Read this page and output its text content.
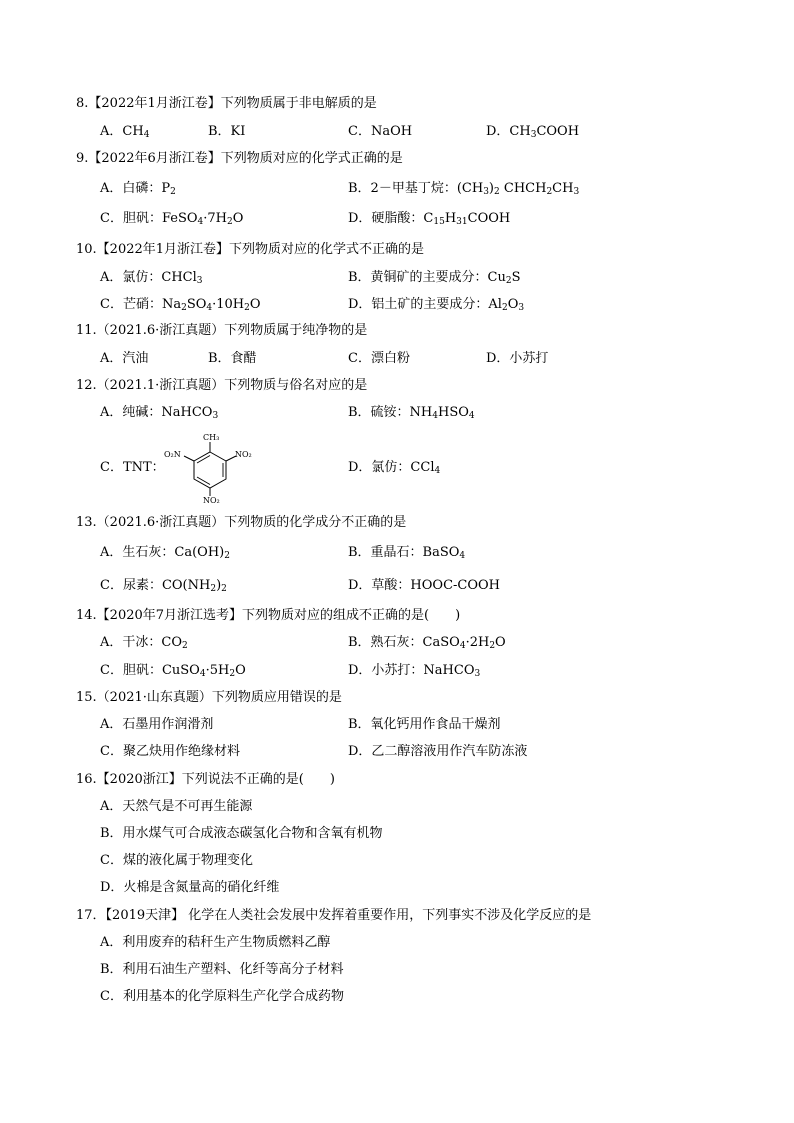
8.【2022年1月浙江卷】下列物质属于非电解质的是
A．$CH_4$	B．KI	C．NaOH	D．$CH_3COOH$
9.【2022年6月浙江卷】下列物质对应的化学式正确的是
A．白磷：$P_2$	B．2－甲基丁烷：$(CH_3)_2$ $CHCH_2CH_3$
C．胆矾：$FeSO_4\cdot 7H_2O$	D．硬脂酸：$C_{15}H_{31}COOH$
10.【2022年1月浙江卷】下列物质对应的化学式不正确的是
A．氯仿：CHCl$_3$	B．黄铜矿的主要成分：$Cu_2S$
C．芒硝：$Na_2SO_4\cdot 10H_2O$	D．铝土矿的主要成分：$Al_2O_3$
11.（2021.6·浙江真题）下列物质属于纯净物的是
A．汽油	B．食醋	C．漂白粉	D．小苏打
12.（2021.1·浙江真题）下列物质与俗名对应的是
A．纯碱：NaHCO$_3$	B．硫铵：$NH_4HSO_4$
C．TNT：
CH₃
O₂N	NO₂
NO₂
D．氯仿：CCl$_4$
13.（2021.6·浙江真题）下列物质的化学成分不正确的是
A．生石灰：$Ca(OH)_2$	B．重晶石：BaSO$_4$
C．尿素：$CO(NH_2)_2$	D．草酸：HOOC-COOH
14.【2020年7月浙江选考】下列物质对应的组成不正确的是(　　)
A．干冰：$CO_2$	B．熟石灰：$CaSO_4\cdot 2H_2O$
C．胆矾：$CuSO_4\cdot 5H_2O$	D．小苏打：NaHCO$_3$
15.（2021·山东真题）下列物质应用错误的是
A．石墨用作润滑剂	B．氧化钙用作食品干燥剂
C．聚乙炔用作绝缘材料	D．乙二醇溶液用作汽车防冻液
16.【2020浙江】下列说法不正确的是(　　)
A．天然气是不可再生能源
B．用水煤气可合成液态碳氢化合物和含氧有机物
C．煤的液化属于物理变化
D．火棉是含氮量高的硝化纤维
17．【2019天津】 化学在人类社会发展中发挥着重要作用，下列事实不涉及化学反应的是
A．利用废弃的秸秆生产生物质燃料乙醇
B．利用石油生产塑料、化纤等高分子材料
C．利用基本的化学原料生产化学合成药物
